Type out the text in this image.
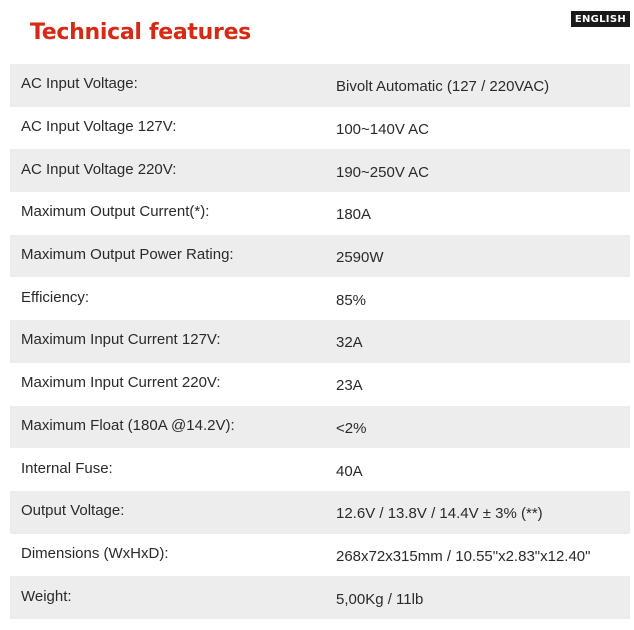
ENGLISH
Technical features
AC Input Voltage:	Bivolt Automatic (127 / 220VAC)
AC Input Voltage 127V:	100~140V AC
AC Input Voltage 220V:	190~250V AC
Maximum Output Current(*):	180A
Maximum Output Power Rating:	2590W
Efficiency:	85%
Maximum Input Current 127V:	32A
Maximum Input Current 220V:	23A
Maximum Float (180A @14.2V):	<2%
Internal Fuse:	40A
Output Voltage:	12.6V / 13.8V / 14.4V ± 3% (**)
Dimensions (WxHxD):	268x72x315mm / 10.55"x2.83"x12.40"
Weight:	5,00Kg / 11lb
